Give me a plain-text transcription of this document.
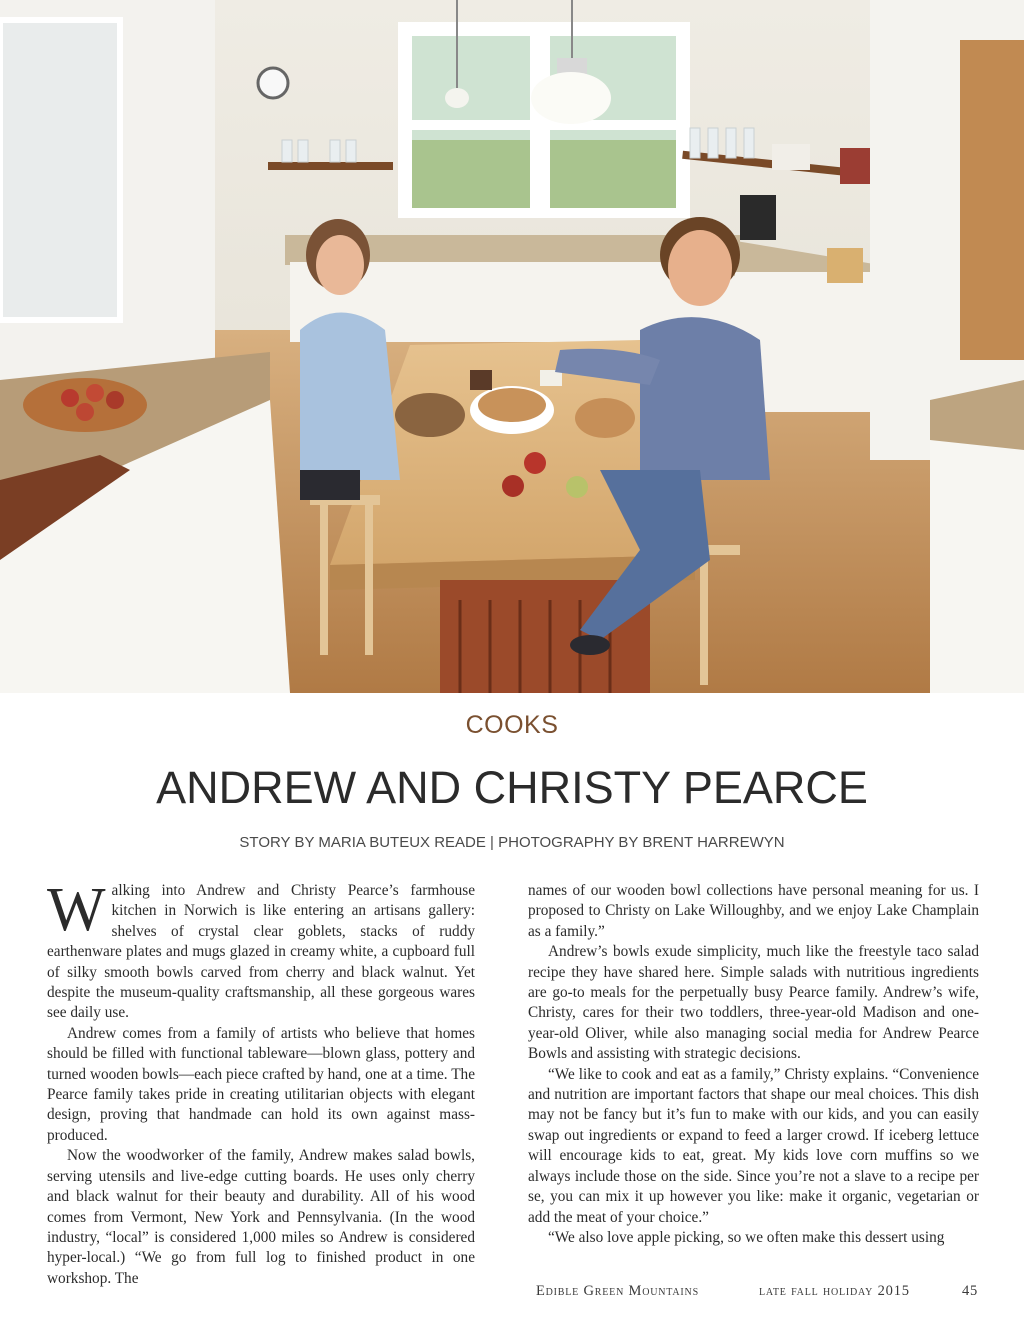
COOKS
ANDREW AND CHRISTY PEARCE
STORY BY MARIA BUTEUX READE | PHOTOGRAPHY BY BRENT HARREWYN

Walking into Andrew and Christy Pearce’s farmhouse kitchen in Norwich is like entering an artisans gallery: shelves of crystal clear goblets, stacks of ruddy earthenware plates and mugs glazed in creamy white, a cupboard full of silky smooth bowls carved from cherry and black walnut. Yet despite the museum-quality craftsmanship, all these gorgeous wares see daily use.

Andrew comes from a family of artists who believe that homes should be filled with functional tableware—blown glass, pottery and turned wooden bowls—each piece crafted by hand, one at a time. The Pearce family takes pride in creating utilitarian objects with elegant design, proving that handmade can hold its own against mass-produced.

Now the woodworker of the family, Andrew makes salad bowls, serving utensils and live-edge cutting boards. He uses only cherry and black walnut for their beauty and durability. All of his wood comes from Vermont, New York and Pennsylvania. (In the wood industry, “local” is considered 1,000 miles so Andrew is considered hyper-local.) “We go from full log to finished product in one workshop. The

names of our wooden bowl collections have personal meaning for us. I proposed to Christy on Lake Willoughby, and we enjoy Lake Champlain as a family.”

Andrew’s bowls exude simplicity, much like the freestyle taco salad recipe they have shared here. Simple salads with nutritious ingredients are go-to meals for the perpetually busy Pearce family. Andrew’s wife, Christy, cares for their two toddlers, three-year-old Madison and one-year-old Oliver, while also managing social media for Andrew Pearce Bowls and assisting with strategic decisions.

“We like to cook and eat as a family,” Christy explains. “Convenience and nutrition are important factors that shape our meal choices. This dish may not be fancy but it’s fun to make with our kids, and you can easily swap out ingredients or expand to feed a larger crowd. If iceberg lettuce will encourage kids to eat, great. My kids love corn muffins so we always include those on the side. Since you’re not a slave to a recipe per se, you can mix it up however you like: make it organic, vegetarian or add the meat of your choice.”

“We also love apple picking, so we often make this dessert using

Edible Green Mountains	late fall holiday 2015	45
